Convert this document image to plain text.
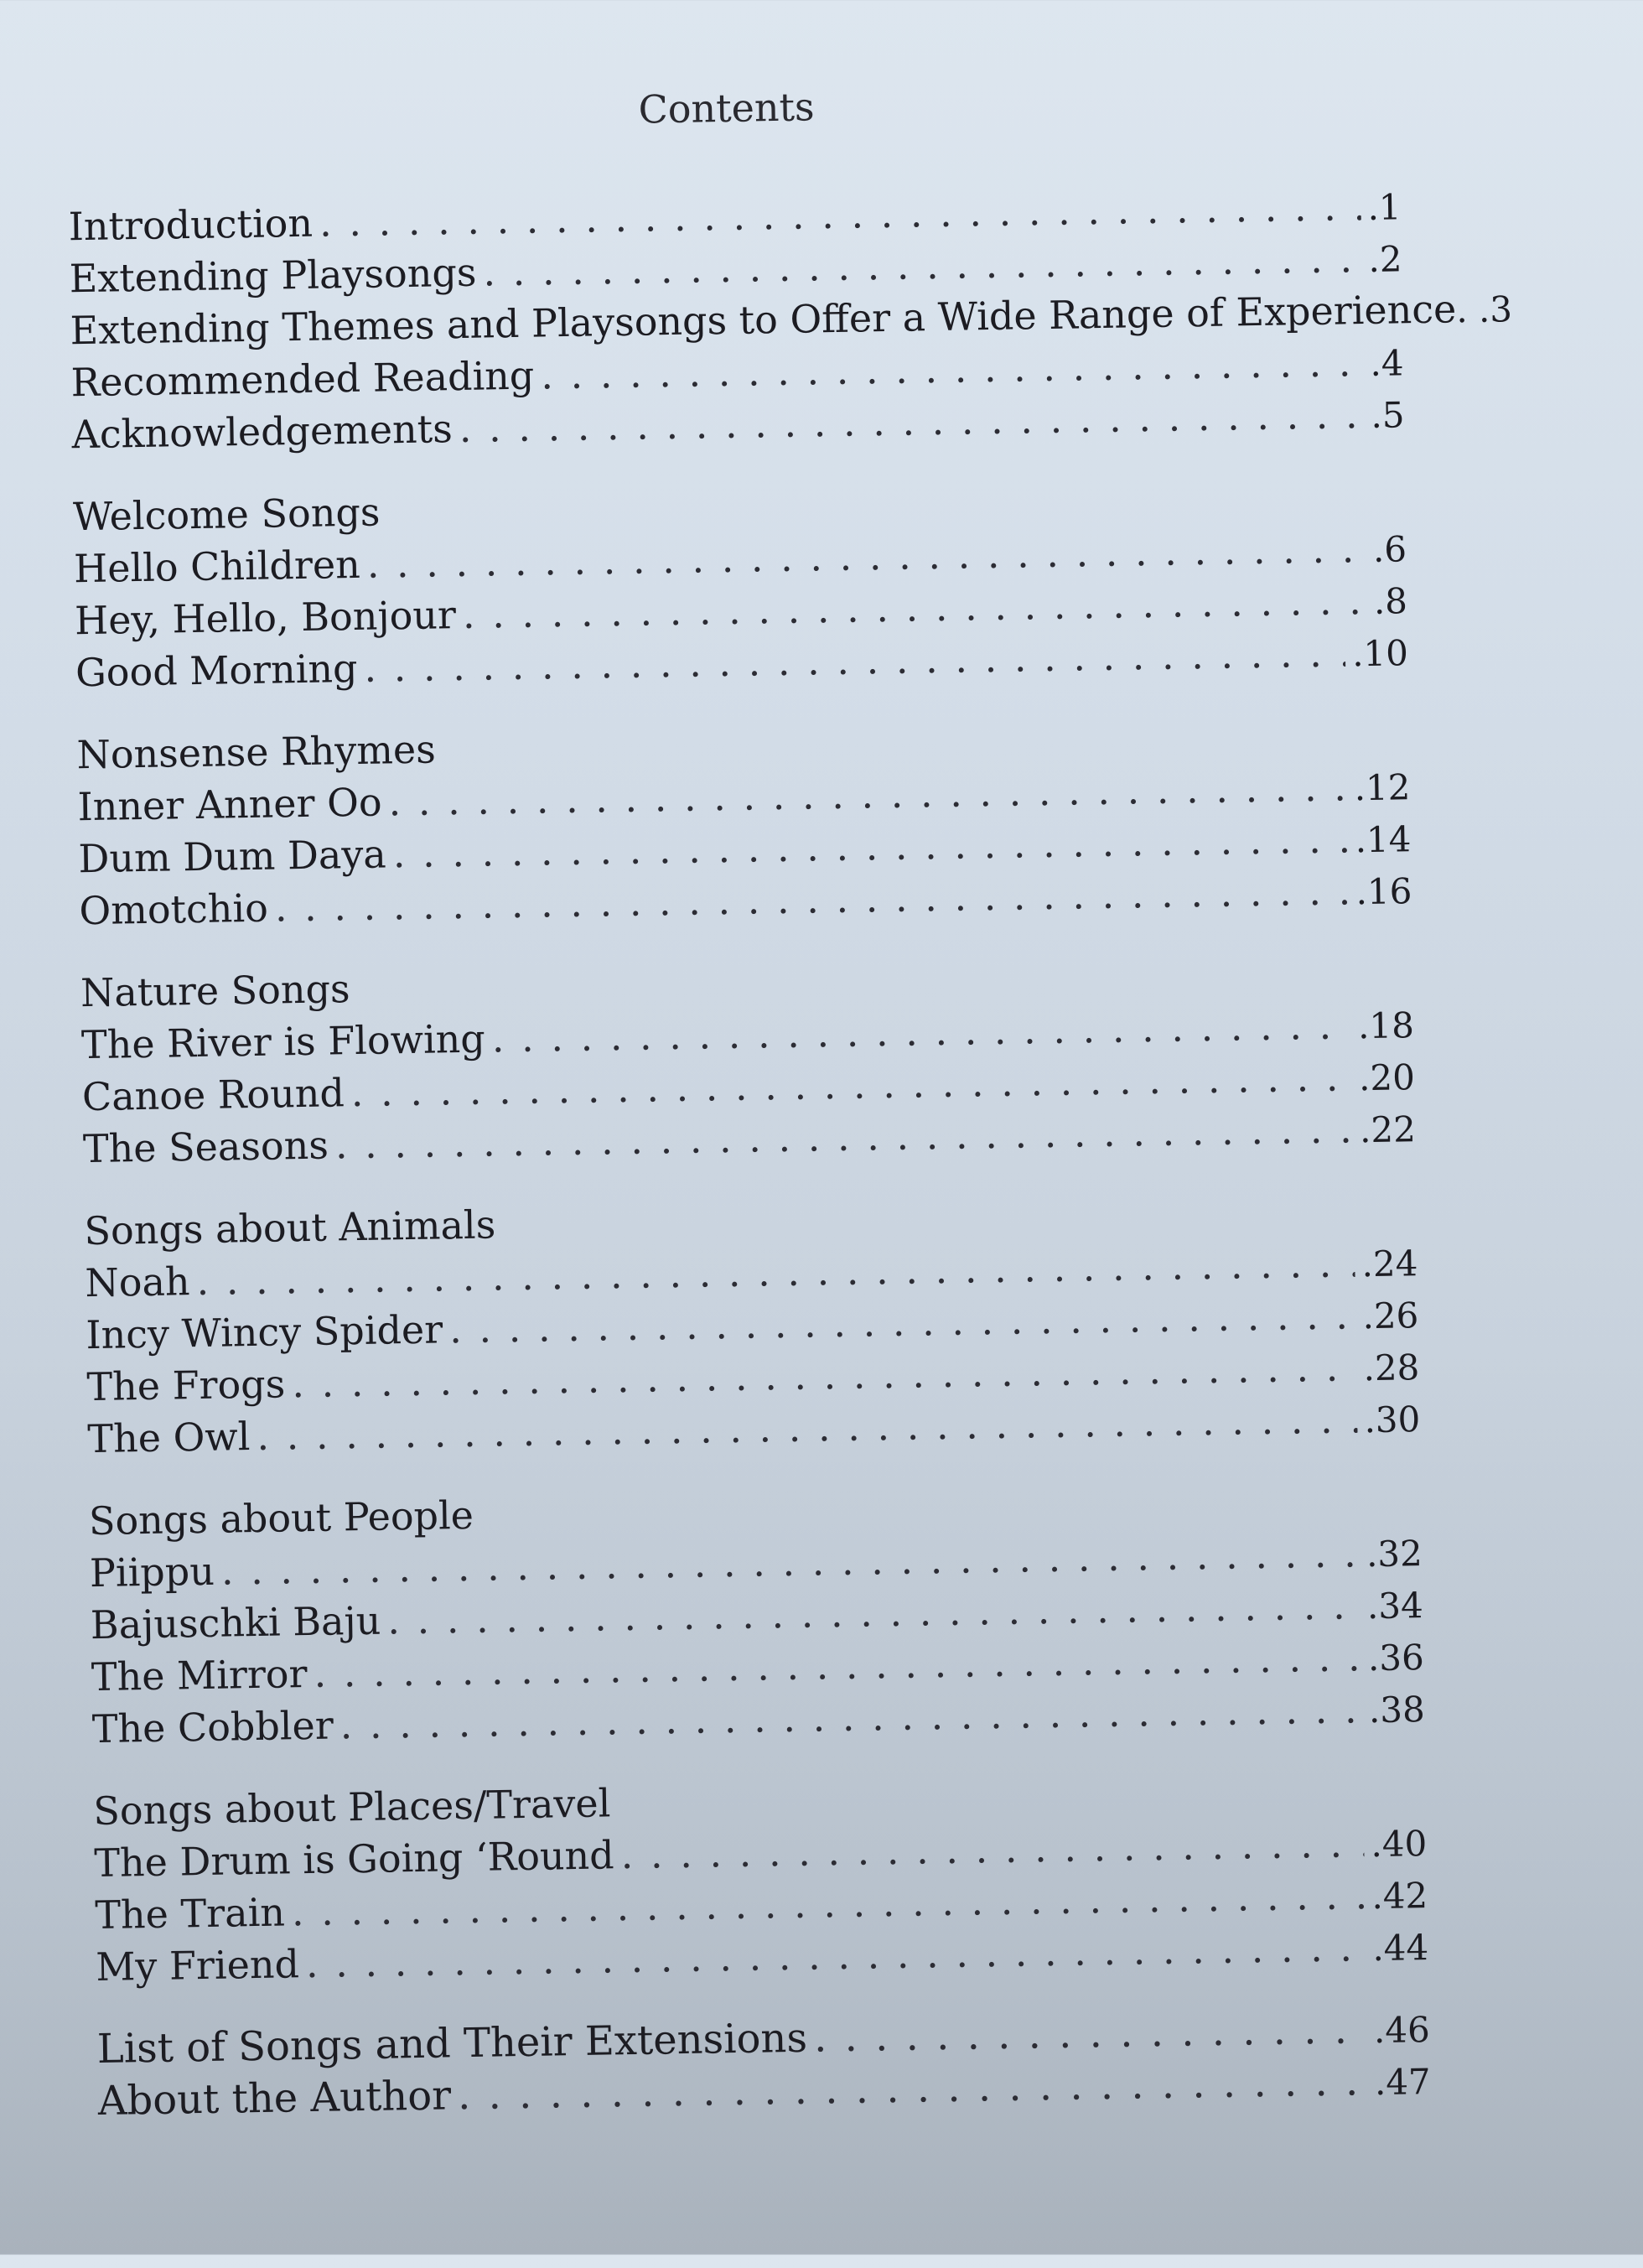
Contents
Introduction . . .	.1
Extending Playsongs . . .	.2
Extending Themes and Playsongs to Offer a Wide Range of Experience . .3
Recommended Reading . . .	.4
Acknowledgements . . .	.5
Welcome Songs
Hello Children . . .	.6
Hey, Hello, Bonjour . . .	.8
Good Morning . . .	.10
Nonsense Rhymes
Inner Anner Oo . . .	.12
Dum Dum Daya . . .	.14
Omotchio . . .	.16
Nature Songs
The River is Flowing . . .	.18
Canoe Round . . .	.20
The Seasons . . .	.22
Songs about Animals
Noah . . .	.24
Incy Wincy Spider . . .	.26
The Frogs . . .	.28
The Owl . . .	.30
Songs about People
Piippu . . .	.32
Bajuschki Baju . . .	.34
The Mirror . . .	.36
The Cobbler . . .	.38
Songs about Places/Travel
The Drum is Going ‘Round . . .	.40
The Train . . .	.42
My Friend . . .	.44
List of Songs and Their Extensions . . .	.46
About the Author . . .	.47
